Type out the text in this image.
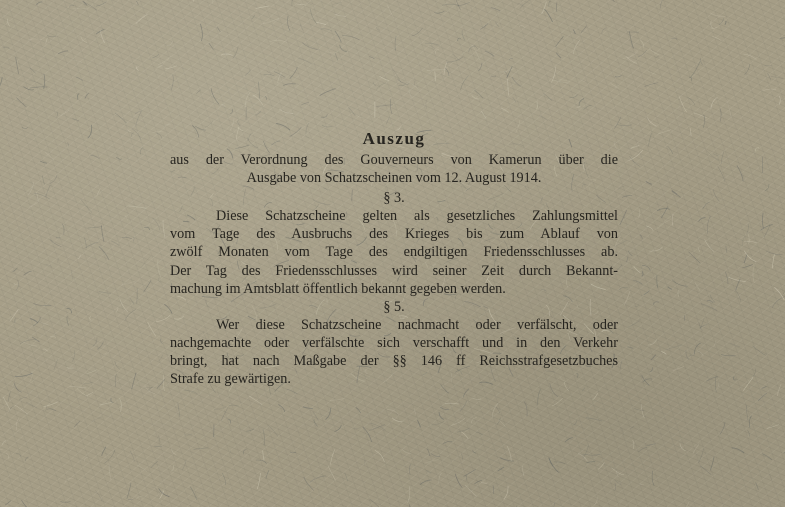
Auszug
aus der Verordnung des Gouverneurs von Kamerun über die
Ausgabe von Schatzscheinen vom 12. August 1914.
§ 3.
Diese Schatzscheine gelten als gesetzliches Zahlungsmittel
vom Tage des Ausbruchs des Krieges bis zum Ablauf von
zwölf Monaten vom Tage des endgiltigen Friedensschlusses ab.
Der Tag des Friedensschlusses wird seiner Zeit durch Bekannt-
machung im Amtsblatt öffentlich bekannt gegeben werden.
§ 5.
Wer diese Schatzscheine nachmacht oder verfälscht, oder
nachgemachte oder verfälschte sich verschafft und in den Verkehr
bringt, hat nach Maßgabe der §§ 146 ff Reichsstrafgesetzbuches
Strafe zu gewärtigen.
